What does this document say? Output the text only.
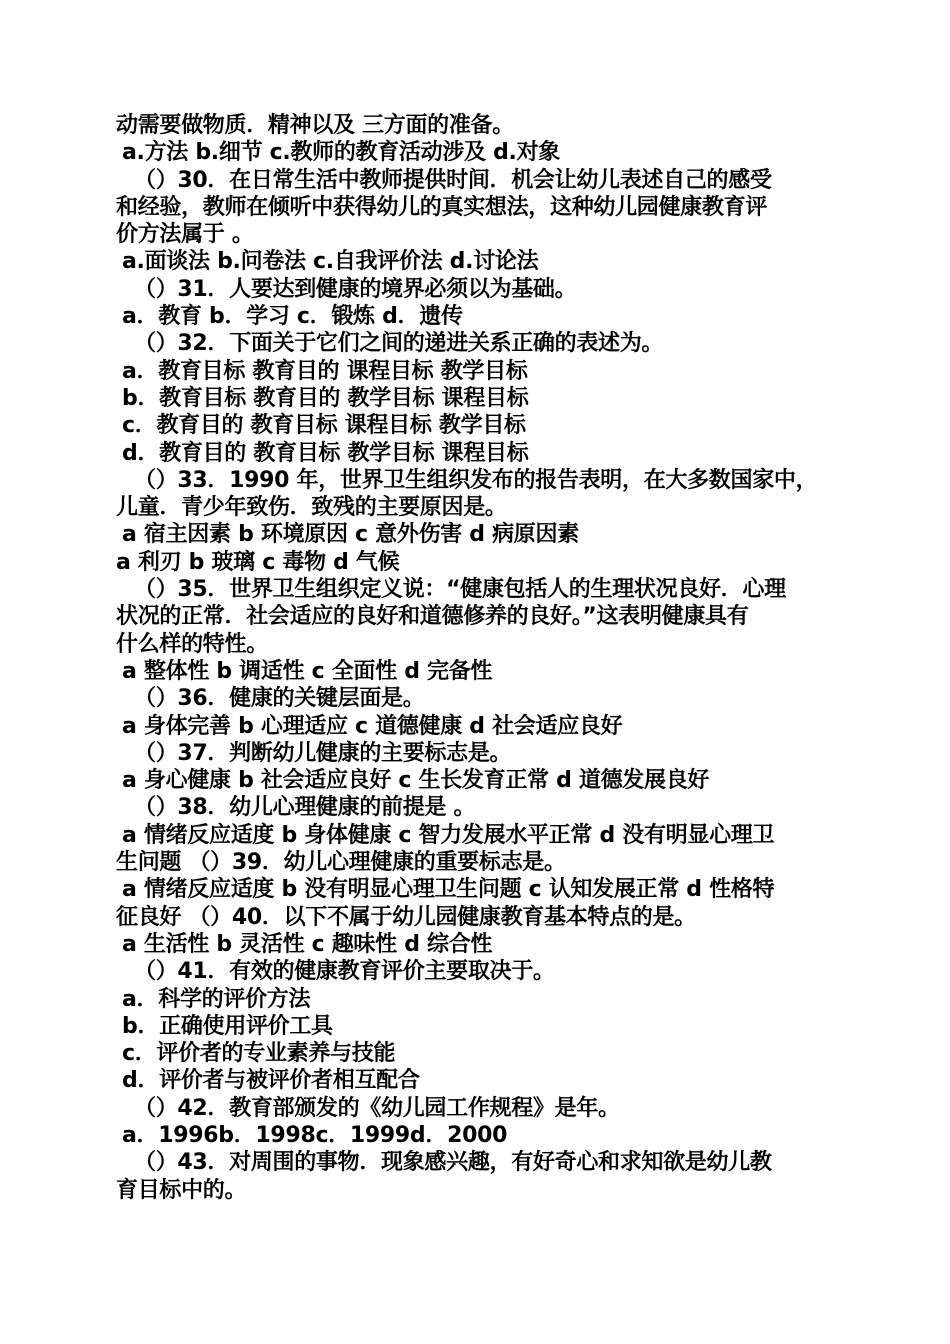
动需要做物质．精神以及 三方面的准备。
a.方法 b.细节 c.教师的教育活动涉及 d.对象
（）30．在日常生活中教师提供时间．机会让幼儿表述自己的感受
和经验，教师在倾听中获得幼儿的真实想法，这种幼儿园健康教育评
价方法属于 。
a.面谈法 b.问卷法 c.自我评价法 d.讨论法
（）31．人要达到健康的境界必须以为基础。
a．教育 b．学习 c．锻炼 d．遗传
（）32．下面关于它们之间的递进关系正确的表述为。
a．教育目标 教育目的 课程目标 教学目标
b．教育目标 教育目的 教学目标 课程目标
c．教育目的 教育目标 课程目标 教学目标
d．教育目的 教育目标 教学目标 课程目标
（）33．1990 年，世界卫生组织发布的报告表明，在大多数国家中，
儿童．青少年致伤．致残的主要原因是。
a 宿主因素 b 环境原因 c 意外伤害 d 病原因素
a 利刃 b 玻璃 c 毒物 d 气候
（）35．世界卫生组织定义说：“健康包括人的生理状况良好．心理
状况的正常．社会适应的良好和道德修养的良好。”这表明健康具有
什么样的特性。
a 整体性 b 调适性 c 全面性 d 完备性
（）36．健康的关键层面是。
a 身体完善 b 心理适应 c 道德健康 d 社会适应良好
（）37．判断幼儿健康的主要标志是。
a 身心健康 b 社会适应良好 c 生长发育正常 d 道德发展良好
（）38．幼儿心理健康的前提是 。
a 情绪反应适度 b 身体健康 c 智力发展水平正常 d 没有明显心理卫
生问题 （）39．幼儿心理健康的重要标志是。
a 情绪反应适度 b 没有明显心理卫生问题 c 认知发展正常 d 性格特
征良好 （）40．以下不属于幼儿园健康教育基本特点的是。
a 生活性 b 灵活性 c 趣味性 d 综合性
（）41．有效的健康教育评价主要取决于。
a．科学的评价方法
b．正确使用评价工具
c．评价者的专业素养与技能
d．评价者与被评价者相互配合
（）42．教育部颁发的《幼儿园工作规程》是年。
a．1996b．1998c．1999d．2000
（）43．对周围的事物．现象感兴趣，有好奇心和求知欲是幼儿教
育目标中的。
